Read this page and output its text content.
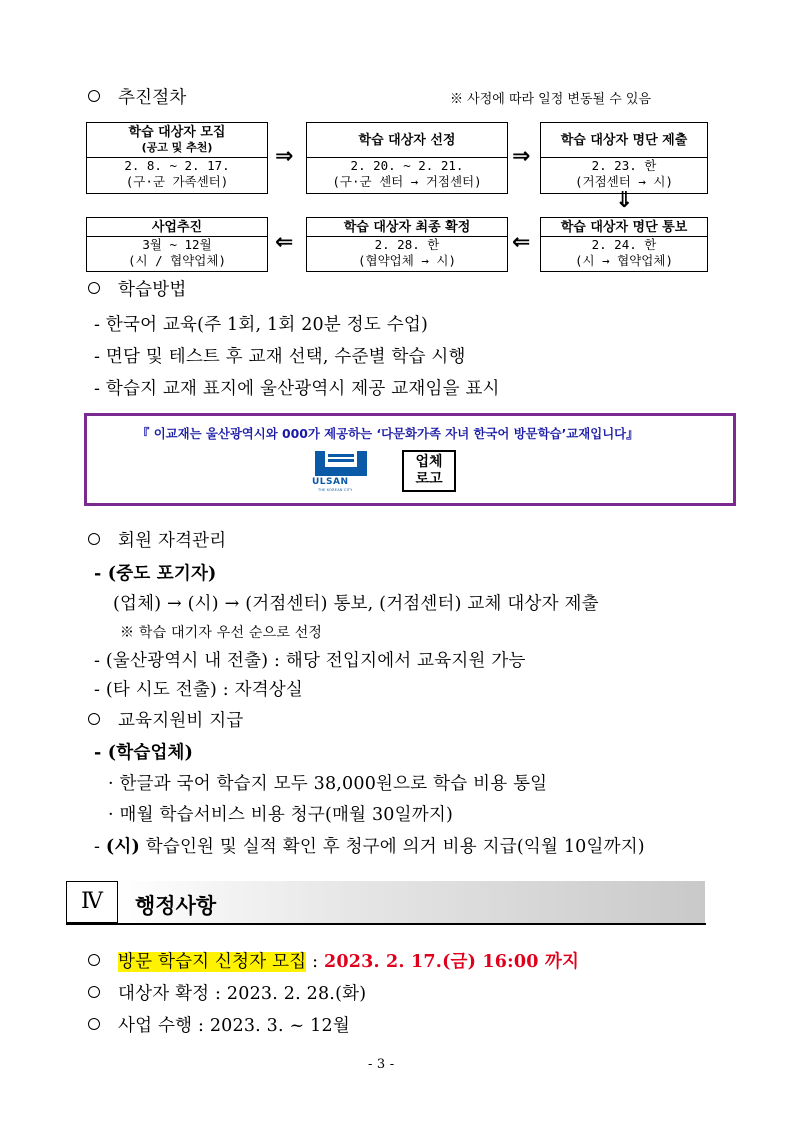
추진절차	※ 사정에 따라 일정 변동될 수 있음
학습 대상자 모집
(공고 및 추천)
2. 8. ~ 2. 17.
(구·군 가족센터)
⇒
학습 대상자 선정
2. 20. ~ 2. 21.
(구·군 센터 → 거점센터)
⇒
학습 대상자 명단 제출
2. 23. 한
(거점센터 → 시)
⇓
사업추진
3월 ~ 12월
(시 / 협약업체)
⇐
학습 대상자 최종 확정
2. 28. 한
(협약업체 → 시)
⇐
학습 대상자 명단 통보
2. 24. 한
(시 → 협약업체)
학습방법
- 한국어 교육(주 1회, 1회 20분 정도 수업)
- 면담 및 테스트 후 교재 선택, 수준별 학습 시행
- 학습지 교재 표지에 울산광역시 제공 교재임을 표시
『 이교재는 울산광역시와 000가 제공하는 ‘다문화가족 자녀 한국어 방문학습’교재입니다』
ULSAN
THE KOREAN CITY
업체
로고
회원 자격관리
- (중도 포기자)
(업체) → (시) → (거점센터) 통보, (거점센터) 교체 대상자 제출
※ 학습 대기자 우선 순으로 선정
- (울산광역시 내 전출) : 해당 전입지에서 교육지원 가능
- (타 시도 전출) : 자격상실
교육지원비 지급
- (학습업체)
· 한글과 국어 학습지 모두 38,000원으로 학습 비용 통일
· 매월 학습서비스 비용 청구(매월 30일까지)
- (시) 학습인원 및 실적 확인 후 청구에 의거 비용 지급(익월 10일까지)
Ⅳ	행정사항
방문 학습지 신청자 모집 : 2023. 2. 17.(금) 16:00 까지
대상자 확정 : 2023. 2. 28.(화)
사업 수행 : 2023. 3. ~ 12월
- 3 -
